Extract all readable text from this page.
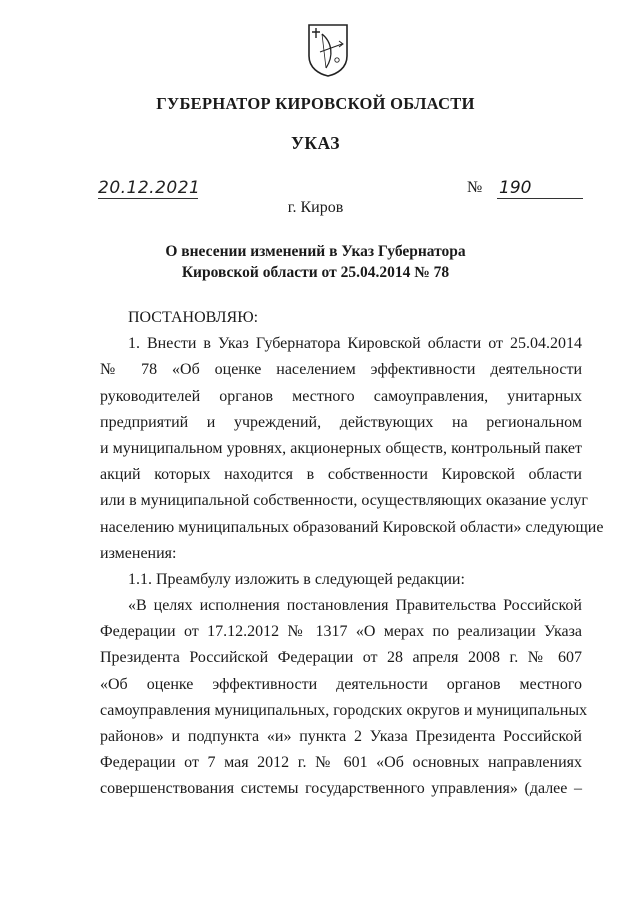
ГУБЕРНАТОР КИРОВСКОЙ ОБЛАСТИ
УКАЗ
20.12.2021	№ 190
г. Киров
О внесении изменений в Указ Губернатора
Кировской области от 25.04.2014 № 78
ПОСТАНОВЛЯЮ:
1. Внести в Указ Губернатора Кировской области от 25.04.2014
№ 78 «Об оценке населением эффективности деятельности
руководителей органов местного самоуправления, унитарных
предприятий и учреждений, действующих на региональном
и муниципальном уровнях, акционерных обществ, контрольный пакет
акций которых находится в собственности Кировской области
или в муниципальной собственности, осуществляющих оказание услуг
населению муниципальных образований Кировской области» следующие
изменения:
1.1. Преамбулу изложить в следующей редакции:
«В целях исполнения постановления Правительства Российской
Федерации от 17.12.2012 № 1317 «О мерах по реализации Указа
Президента Российской Федерации от 28 апреля 2008 г. № 607
«Об оценке эффективности деятельности органов местного
самоуправления муниципальных, городских округов и муниципальных
районов» и подпункта «и» пункта 2 Указа Президента Российской
Федерации от 7 мая 2012 г. № 601 «Об основных направлениях
совершенствования системы государственного управления» (далее –
